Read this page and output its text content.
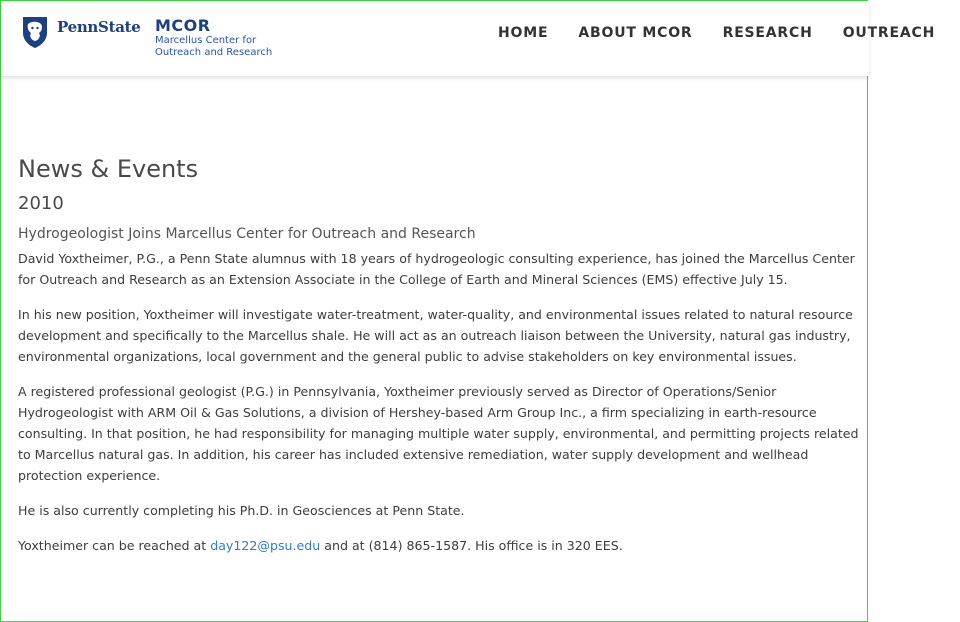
PennState MCOR
Marcellus Center for
Outreach and Research
HOME ABOUT MCOR RESEARCH OUTREACH
News & Events
2010
Hydrogeologist Joins Marcellus Center for Outreach and Research

David Yoxtheimer, P.G., a Penn State alumnus with 18 years of hydrogeologic consulting experience, has joined the Marcellus Center for Outreach and Research as an Extension Associate in the College of Earth and Mineral Sciences (EMS) effective July 15.

In his new position, Yoxtheimer will investigate water-treatment, water-quality, and environmental issues related to natural resource development and specifically to the Marcellus shale. He will act as an outreach liaison between the University, natural gas industry, environmental organizations, local government and the general public to advise stakeholders on key environmental issues.

A registered professional geologist (P.G.) in Pennsylvania, Yoxtheimer previously served as Director of Operations/Senior Hydrogeologist with ARM Oil & Gas Solutions, a division of Hershey-based Arm Group Inc., a firm specializing in earth-resource consulting. In that position, he had responsibility for managing multiple water supply, environmental, and permitting projects related to Marcellus natural gas. In addition, his career has included extensive remediation, water supply development and wellhead protection experience.

He is also currently completing his Ph.D. in Geosciences at Penn State.

Yoxtheimer can be reached at day122@psu.edu and at (814) 865-1587. His office is in 320 EES.
